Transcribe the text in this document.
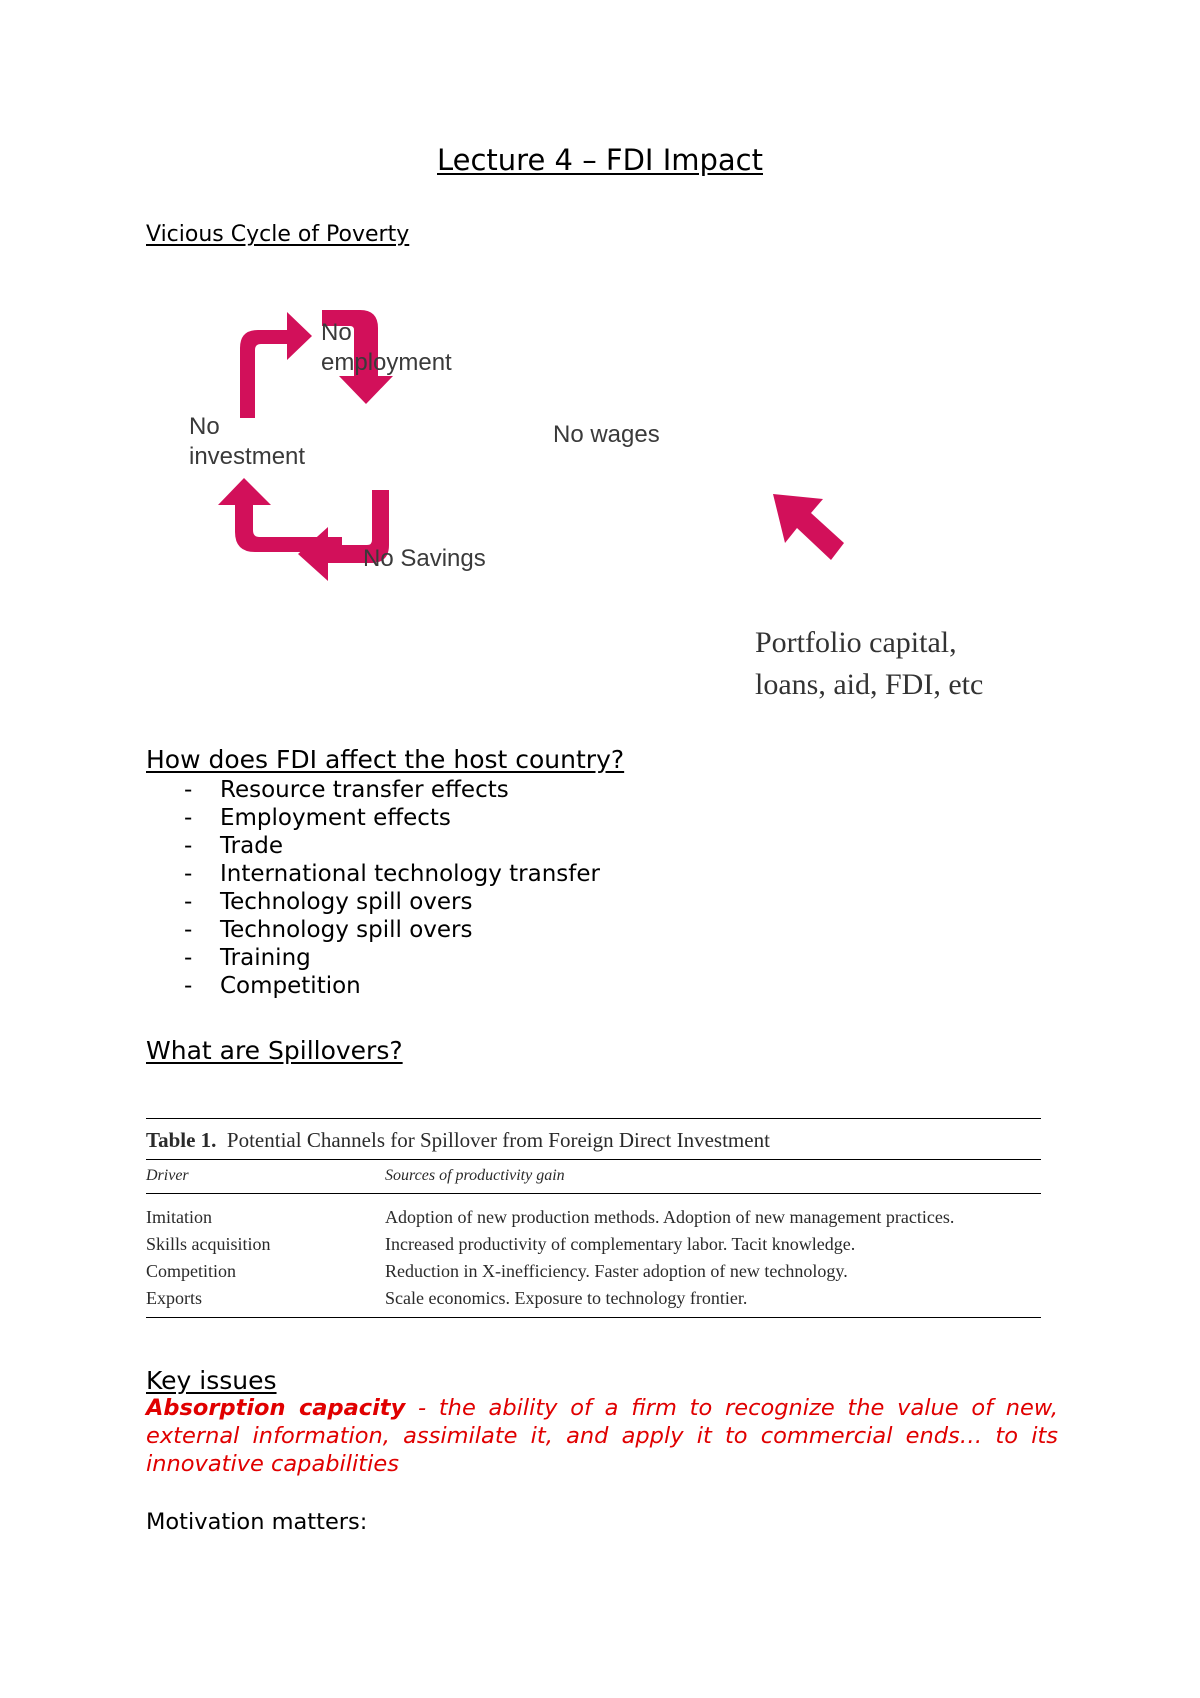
Lecture 4 – FDI Impact
Vicious Cycle of Poverty
No
employment
No wages
No Savings
No
investment
Portfolio capital,
loans, aid, FDI, etc
How does FDI affect the host country?
- Resource transfer effects
- Employment effects
- Trade
- International technology transfer
- Technology spill overs
- Technology spill overs
- Training
- Competition
What are Spillovers?
Table 1. Potential Channels for Spillover from Foreign Direct Investment
Driver	Sources of productivity gain
Imitation	Adoption of new production methods. Adoption of new management practices.
Skills acquisition	Increased productivity of complementary labor. Tacit knowledge.
Competition	Reduction in X-inefficiency. Faster adoption of new technology.
Exports	Scale economics. Exposure to technology frontier.
Key issues
Absorption capacity - the ability of a firm to recognize the value of new, external information, assimilate it, and apply it to commercial ends… to its innovative capabilities
Motivation matters:
